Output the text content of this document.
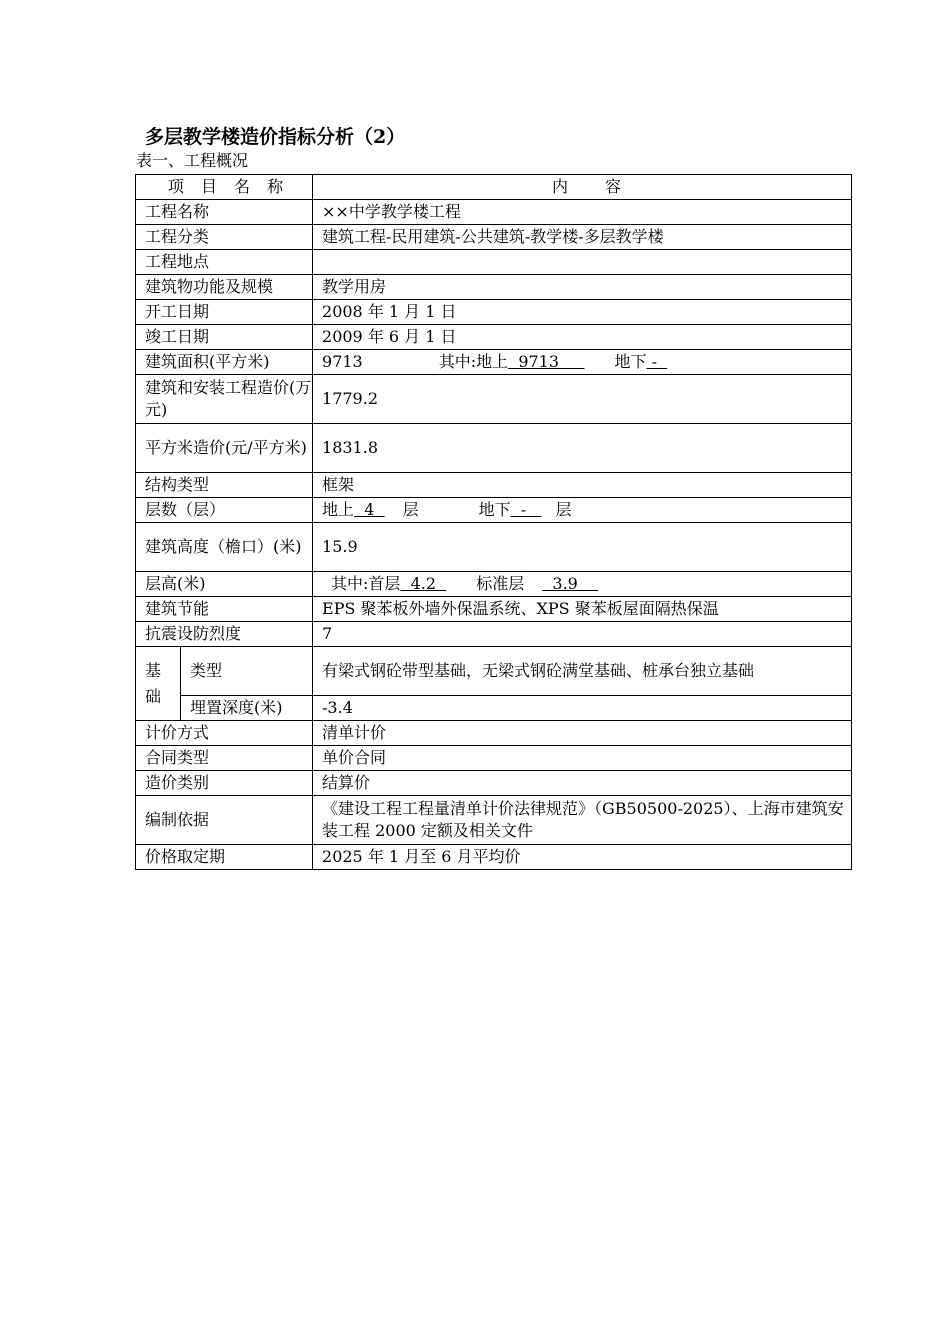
多层教学楼造价指标分析（2）
表一、工程概况
项 目 名 称		内 容
工程名称		××中学教学楼工程
工程分类		建筑工程-民用建筑-公共建筑-教学楼-多层教学楼
工程地点		
建筑物功能及规模		教学用房
开工日期		2008 年 1 月 1 日
竣工日期		2009 年 6 月 1 日
建筑面积(平方米)		9713 其中:地上  9713     地下 -
建筑和安装工程造价(万元)		1779.2
平方米造价(元/平方米)		1831.8
结构类型		框架
层数（层）		地上  4  层 地下  -   层
建筑高度（檐口）(米)		15.9
层高(米)		其中:首层  4.2  标准层  3.9
建筑节能		EPS 聚苯板外墙外保温系统、XPS 聚苯板屋面隔热保温
抗震设防烈度		7
基础	类型	有梁式钢砼带型基础，无梁式钢砼满堂基础、桩承台独立基础
	埋置深度(米)	-3.4
计价方式		清单计价
合同类型		单价合同
造价类别		结算价
编制依据		《建设工程工程量清单计价法律规范》（GB50500-2025）、上海市建筑安装工程 2000 定额及相关文件
价格取定期		2025 年 1 月至 6 月平均价
